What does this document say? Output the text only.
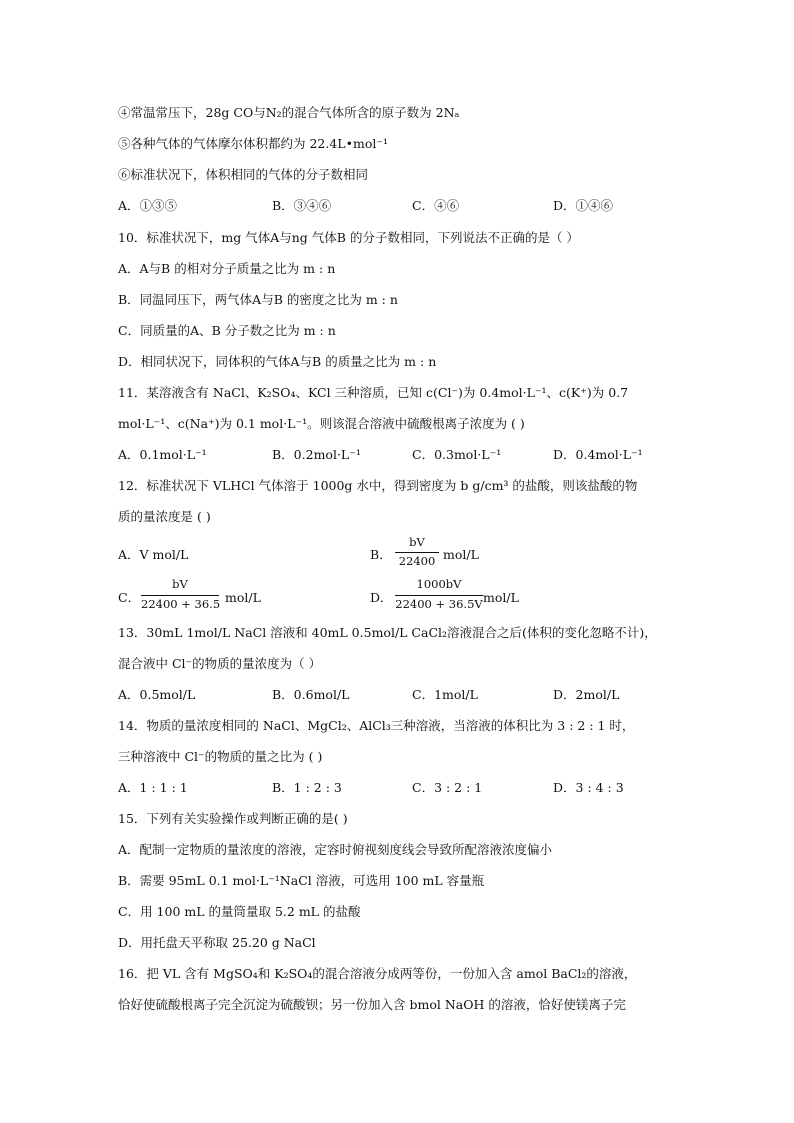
④常温常压下，28g CO与N₂的混合气体所含的原子数为 2Nₐ
⑤各种气体的气体摩尔体积都约为 22.4L•mol⁻¹
⑥标准状况下，体积相同的气体的分子数相同
A．①③⑤	B．③④⑥	C．④⑥	D．①④⑥
10．标准状况下，mg 气体A与ng 气体B 的分子数相同，下列说法不正确的是（ ）
A．A与B 的相对分子质量之比为 m : n
B．同温同压下，两气体A与B 的密度之比为 m : n
C．同质量的A、B 分子数之比为 m : n
D．相同状况下，同体积的气体A与B 的质量之比为 m : n
11．某溶液含有 NaCl、K₂SO₄、KCl 三种溶质，已知 c(Cl⁻)为 0.4mol·L⁻¹、c(K⁺)为 0.7
mol·L⁻¹、c(Na⁺)为 0.1 mol·L⁻¹。则该混合溶液中硫酸根离子浓度为 ( )
A．0.1mol·L⁻¹	B．0.2mol·L⁻¹	C．0.3mol·L⁻¹	D．0.4mol·L⁻¹
12．标准状况下 VLHCl 气体溶于 1000g 水中，得到密度为 b g/cm³ 的盐酸，则该盐酸的物
质的量浓度是 ( )
A．V mol/L	B．
bV
22400 mol/L
C．
bV
22400 + 36.5 mol/L	D．
1000bV
22400 + 36.5V mol/L
13．30mL 1mol/L NaCl 溶液和 40mL 0.5mol/L CaCl₂溶液混合之后(体积的变化忽略不计)，
混合液中 Cl⁻的物质的量浓度为（ ）
A．0.5mol/L	B．0.6mol/L	C．1mol/L	D．2mol/L
14．物质的量浓度相同的 NaCl、MgCl₂、AlCl₃三种溶液，当溶液的体积比为 3 : 2 : 1 时，
三种溶液中 Cl⁻的物质的量之比为 ( )
A．1 : 1 : 1	B．1 : 2 : 3	C．3 : 2 : 1	D．3 : 4 : 3
15．下列有关实验操作或判断正确的是( )
A．配制一定物质的量浓度的溶液，定容时俯视刻度线会导致所配溶液浓度偏小
B．需要 95mL 0.1 mol·L⁻¹NaCl 溶液，可选用 100 mL 容量瓶
C．用 100 mL 的量筒量取 5.2 mL 的盐酸
D．用托盘天平称取 25.20 g NaCl
16．把 VL 含有 MgSO₄和 K₂SO₄的混合溶液分成两等份，一份加入含 amol BaCl₂的溶液，
恰好使硫酸根离子完全沉淀为硫酸钡；另一份加入含 bmol NaOH 的溶液，恰好使镁离子完
